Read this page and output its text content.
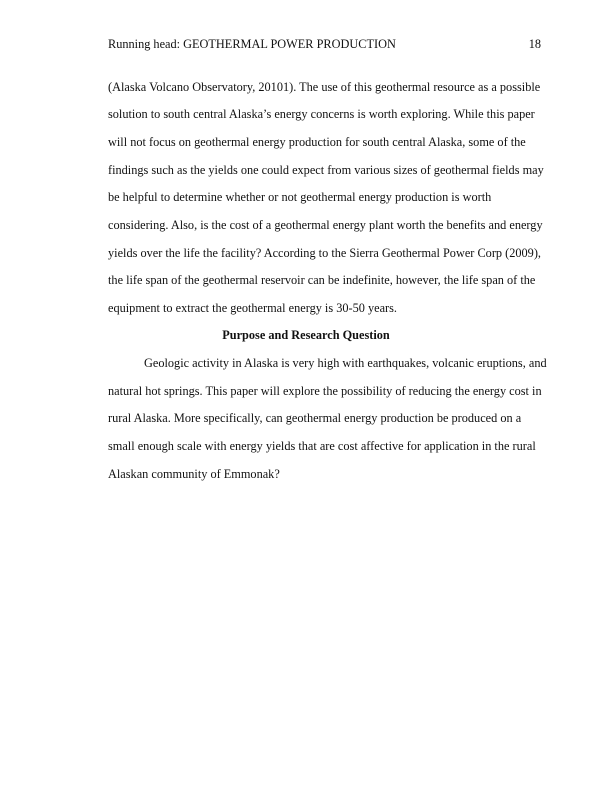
Running head: GEOTHERMAL POWER PRODUCTION	18
(Alaska Volcano Observatory, 20101). The use of this geothermal resource as a possible
solution to south central Alaska’s energy concerns is worth exploring. While this paper
will not focus on geothermal energy production for south central Alaska, some of the
findings such as the yields one could expect from various sizes of geothermal fields may
be helpful to determine whether or not geothermal energy production is worth
considering. Also, is the cost of a geothermal energy plant worth the benefits and energy
yields over the life the facility? According to the Sierra Geothermal Power Corp (2009),
the life span of the geothermal reservoir can be indefinite, however, the life span of the
equipment to extract the geothermal energy is 30-50 years.
Purpose and Research Question
Geologic activity in Alaska is very high with earthquakes, volcanic eruptions, and
natural hot springs. This paper will explore the possibility of reducing the energy cost in
rural Alaska. More specifically, can geothermal energy production be produced on a
small enough scale with energy yields that are cost affective for application in the rural
Alaskan community of Emmonak?
